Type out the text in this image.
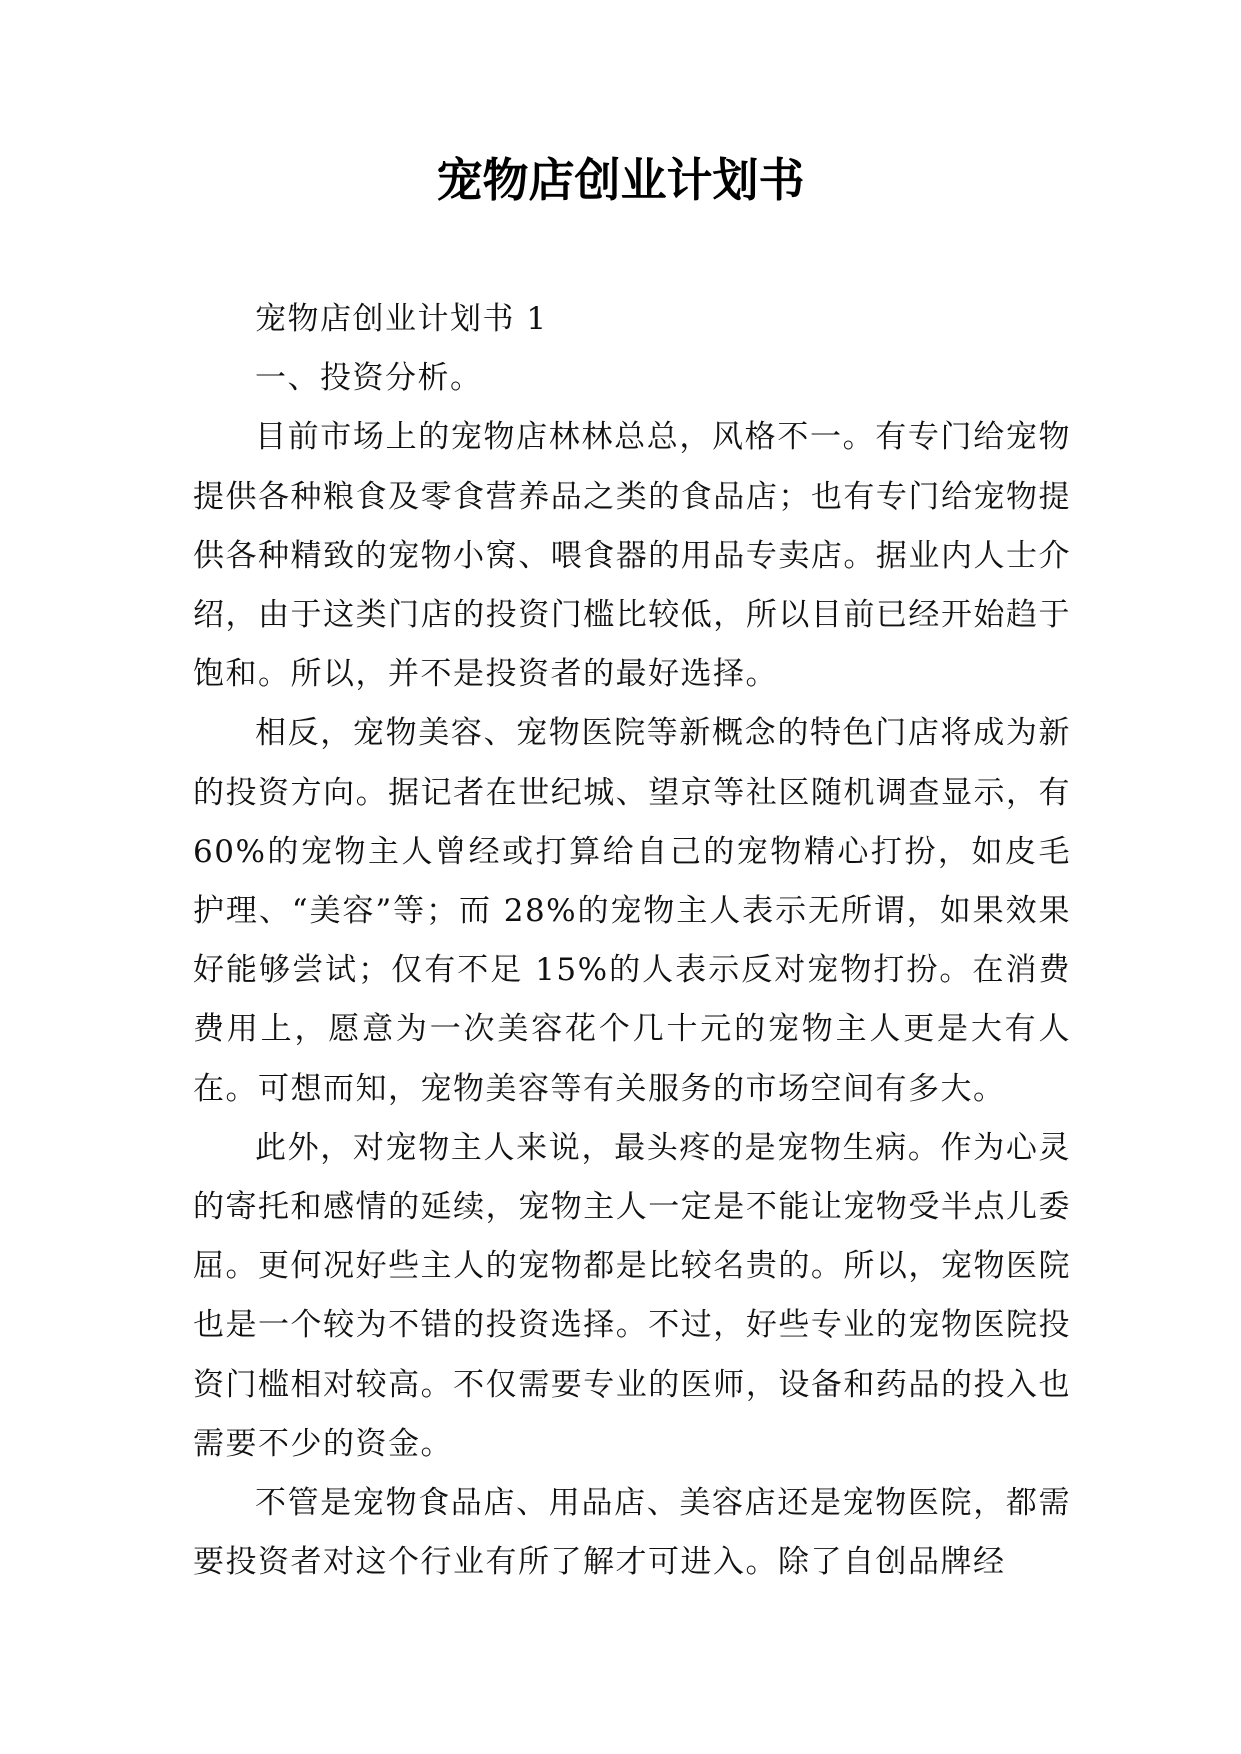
宠物店创业计划书

宠物店创业计划书 1

一、投资分析。

目前市场上的宠物店林林总总，风格不一。有专门给宠物提供各种粮食及零食营养品之类的食品店；也有专门给宠物提供各种精致的宠物小窝、喂食器的用品专卖店。据业内人士介绍，由于这类门店的投资门槛比较低，所以目前已经开始趋于饱和。所以，并不是投资者的最好选择。

相反，宠物美容、宠物医院等新概念的特色门店将成为新的投资方向。据记者在世纪城、望京等社区随机调查显示，有 60%的宠物主人曾经或打算给自己的宠物精心打扮，如皮毛护理、“美容”等；而 28%的宠物主人表示无所谓，如果效果好能够尝试；仅有不足 15%的人表示反对宠物打扮。在消费费用上，愿意为一次美容花个几十元的宠物主人更是大有人在。可想而知，宠物美容等有关服务的市场空间有多大。

此外，对宠物主人来说，最头疼的是宠物生病。作为心灵的寄托和感情的延续，宠物主人一定是不能让宠物受半点儿委屈。更何况好些主人的宠物都是比较名贵的。所以，宠物医院也是一个较为不错的投资选择。不过，好些专业的宠物医院投资门槛相对较高。不仅需要专业的医师，设备和药品的投入也需要不少的资金。

不管是宠物食品店、用品店、美容店还是宠物医院，都需要投资者对这个行业有所了解才可进入。除了自创品牌经
